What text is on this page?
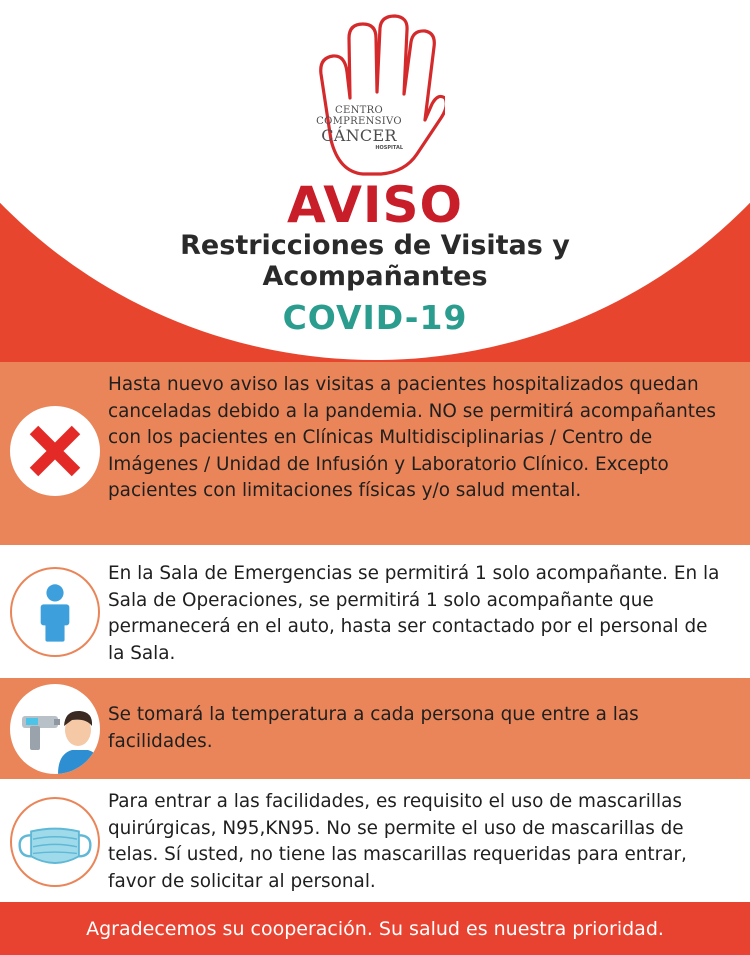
CENTRO
COMPRENSIVO
CÁNCER
HOSPITAL
AVISO
Restricciones de Visitas y
Acompañantes
COVID-19
Hasta nuevo aviso las visitas a pacientes hospitalizados quedan canceladas debido a la pandemia. NO se permitirá acompañantes con los pacientes en Clínicas Multidisciplinarias / Centro de Imágenes / Unidad de Infusión y Laboratorio Clínico. Excepto pacientes con limitaciones físicas y/o salud mental.
En la Sala de Emergencias se permitirá 1 solo acompañante. En la Sala de Operaciones, se permitirá 1 solo acompañante que permanecerá en el auto, hasta ser contactado por el personal de la Sala.
Se tomará la temperatura a cada persona que entre a las facilidades.
Para entrar a las facilidades, es requisito el uso de mascarillas quirúrgicas, N95,KN95. No se permite el uso de mascarillas de telas. Sí usted, no tiene las mascarillas requeridas para entrar, favor de solicitar al personal.
Agradecemos su cooperación. Su salud es nuestra prioridad.
